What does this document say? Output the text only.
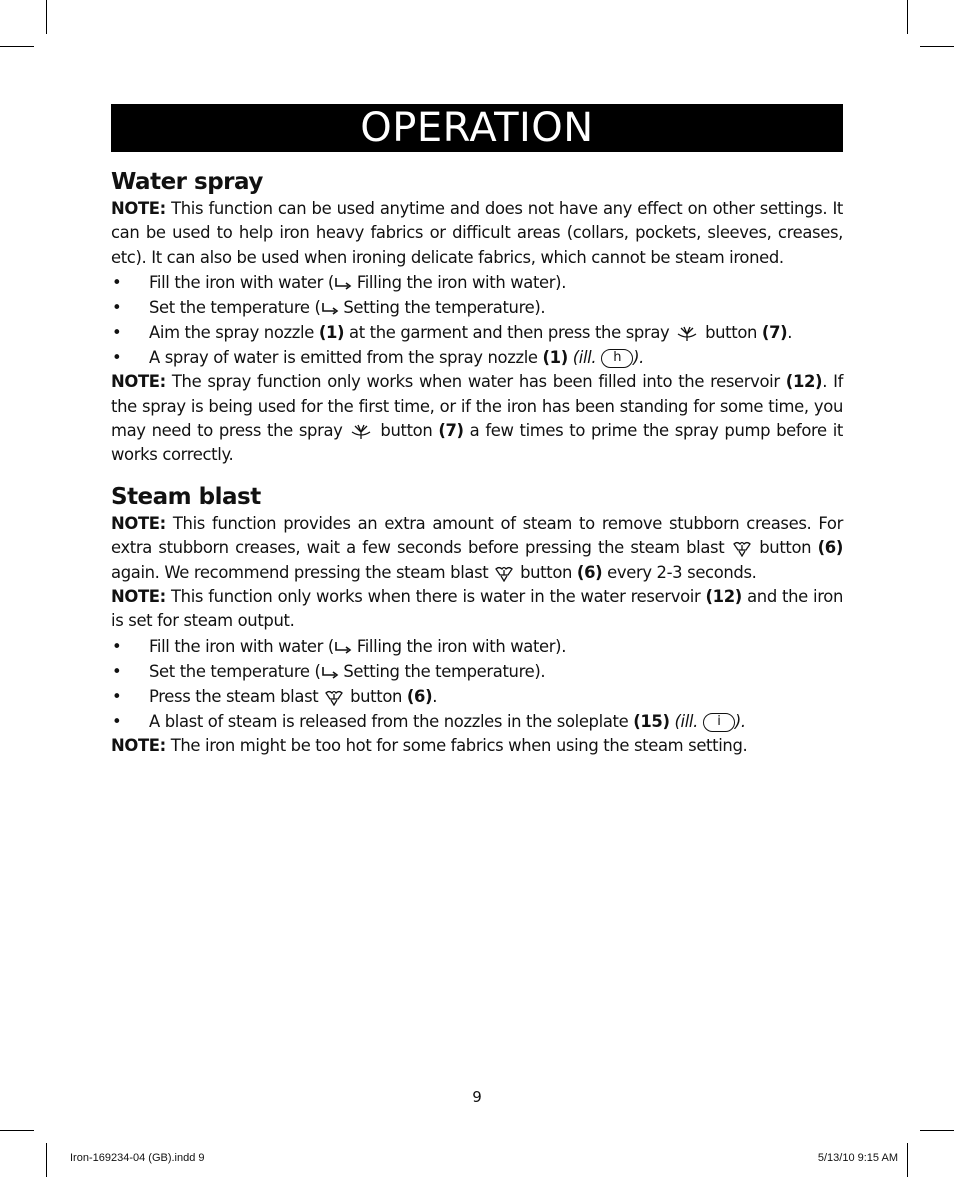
OPERATION
Water spray

NOTE: This function can be used anytime and does not have any effect on other settings. It can be used to help iron heavy fabrics or difficult areas (collars, pockets, sleeves, creases, etc). It can also be used when ironing delicate fabrics, which cannot be steam ironed.

• Fill the iron with water ( Filling the iron with water).
• Set the temperature ( Setting the temperature).
• Aim the spray nozzle (1) at the garment and then press the spray  button (7).
• A spray of water is emitted from the spray nozzle (1) (ill. h ).

NOTE: The spray function only works when water has been filled into the reservoir (12). If the spray is being used for the first time, or if the iron has been standing for some time, you may need to press the spray  button (7) a few times to prime the spray pump before it works correctly.

Steam blast

NOTE: This function provides an extra amount of steam to remove stubborn creases. For extra stubborn creases, wait a few seconds before pressing the steam blast  button (6) again. We recommend pressing the steam blast  button (6) every 2-3 seconds.

NOTE: This function only works when there is water in the water reservoir (12) and the iron is set for steam output.

• Fill the iron with water ( Filling the iron with water).
• Set the temperature ( Setting the temperature).
• Press the steam blast  button (6).
• A blast of steam is released from the nozzles in the soleplate (15) (ill. i ).

NOTE: The iron might be too hot for some fabrics when using the steam setting.

9
Iron-169234-04 (GB).indd 9	5/13/10 9:15 AM
